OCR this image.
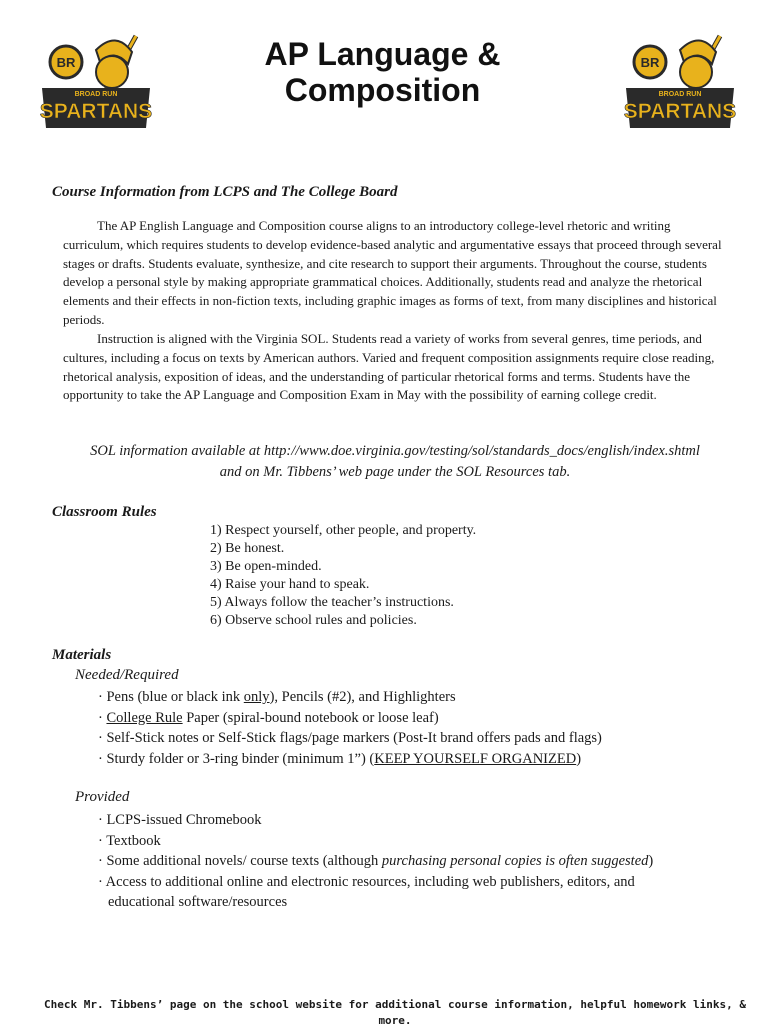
BR
BROAD RUN
SPARTANS
AP Language & Composition
BR
BROAD RUN
SPARTANS
Course Information from LCPS and The College Board
The AP English Language and Composition course aligns to an introductory college-level rhetoric and writing curriculum, which requires students to develop evidence-based analytic and argumentative essays that proceed through several stages or drafts. Students evaluate, synthesize, and cite research to support their arguments. Throughout the course, students develop a personal style by making appropriate grammatical choices. Additionally, students read and analyze the rhetorical elements and their effects in non-fiction texts, including graphic images as forms of text, from many disciplines and historical periods.
Instruction is aligned with the Virginia SOL. Students read a variety of works from several genres, time periods, and cultures, including a focus on texts by American authors. Varied and frequent composition assignments require close reading, rhetorical analysis, exposition of ideas, and the understanding of particular rhetorical forms and terms. Students have the opportunity to take the AP Language and Composition Exam in May with the possibility of earning college credit.
SOL information available at http://www.doe.virginia.gov/testing/sol/standards_docs/english/index.shtml
and on Mr. Tibbens’ web page under the SOL Resources tab.
Classroom Rules
1) Respect yourself, other people, and property.
2) Be honest.
3) Be open-minded.
4) Raise your hand to speak.
5) Always follow the teacher’s instructions.
6) Observe school rules and policies.
Materials
Needed/Required
· Pens (blue or black ink only), Pencils (#2), and Highlighters
· College Rule Paper (spiral-bound notebook or loose leaf)
· Self-Stick notes or Self-Stick flags/page markers (Post-It brand offers pads and flags)
· Sturdy folder or 3-ring binder (minimum 1”) (KEEP YOURSELF ORGANIZED)
Provided
· LCPS-issued Chromebook
· Textbook
· Some additional novels/ course texts (although purchasing personal copies is often suggested)
· Access to additional online and electronic resources, including web publishers, editors, and
educational software/resources
Check Mr. Tibbens’ page on the school website for additional course information, helpful homework links, & more.
